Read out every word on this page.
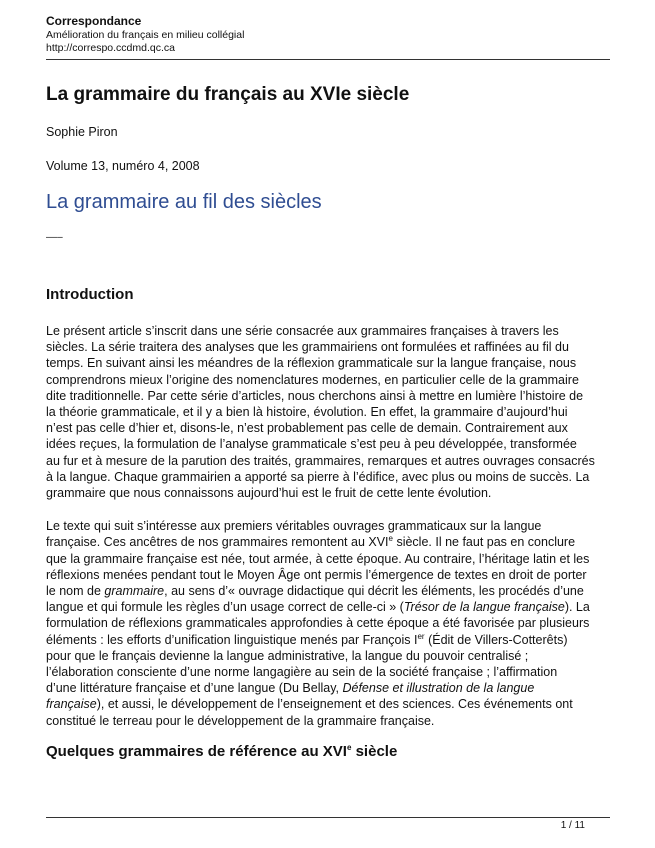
Correspondance
Amélioration du français en milieu collégial
http://correspo.ccdmd.qc.ca
La grammaire du français au XVIe siècle
Sophie Piron
Volume 13, numéro 4, 2008
La grammaire au fil des siècles
–––
Introduction

Le présent article s’inscrit dans une série consacrée aux grammaires françaises à travers les
siècles. La série traitera des analyses que les grammairiens ont formulées et raffinées au fil du
temps. En suivant ainsi les méandres de la réflexion grammaticale sur la langue française, nous
comprendrons mieux l’origine des nomenclatures modernes, en particulier celle de la grammaire
dite traditionnelle. Par cette série d’articles, nous cherchons ainsi à mettre en lumière l’histoire de
la théorie grammaticale, et il y a bien là histoire, évolution. En effet, la grammaire d’aujourd’hui
n’est pas celle d’hier et, disons-le, n’est probablement pas celle de demain. Contrairement aux
idées reçues, la formulation de l’analyse grammaticale s’est peu à peu développée, transformée
au fur et à mesure de la parution des traités, grammaires, remarques et autres ouvrages consacrés
à la langue. Chaque grammairien a apporté sa pierre à l’édifice, avec plus ou moins de succès. La
grammaire que nous connaissons aujourd’hui est le fruit de cette lente évolution.

Le texte qui suit s’intéresse aux premiers véritables ouvrages grammaticaux sur la langue
française. Ces ancêtres de nos grammaires remontent au XVIe siècle. Il ne faut pas en conclure
que la grammaire française est née, tout armée, à cette époque. Au contraire, l’héritage latin et les
réflexions menées pendant tout le Moyen Âge ont permis l’émergence de textes en droit de porter
le nom de grammaire, au sens d’« ouvrage didactique qui décrit les éléments, les procédés d’une
langue et qui formule les règles d’un usage correct de celle-ci » (Trésor de la langue française). La
formulation de réflexions grammaticales approfondies à cette époque a été favorisée par plusieurs
éléments : les efforts d’unification linguistique menés par François Ier (Édit de Villers-Cotterêts)
pour que le français devienne la langue administrative, la langue du pouvoir centralisé ;
l’élaboration consciente d’une norme langagière au sein de la société française ; l’affirmation
d’une littérature française et d’une langue (Du Bellay, Défense et illustration de la langue
française), et aussi, le développement de l’enseignement et des sciences. Ces événements ont
constitué le terreau pour le développement de la grammaire française.

Quelques grammaires de référence au XVIe siècle
1 / 11
